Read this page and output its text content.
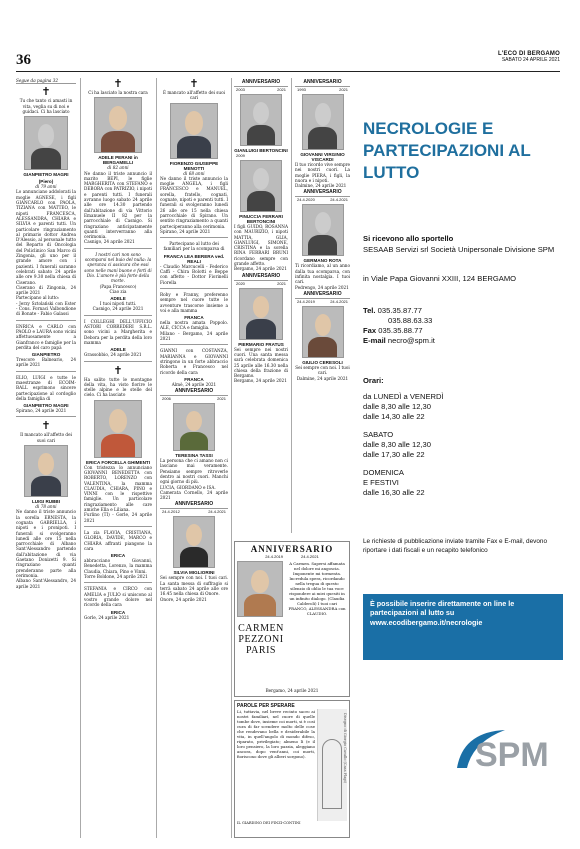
36	L'ECO DI BERGAMO
SABATO 24 APRILE 2021
Segue da pagina 32
✝
Tu che tanto ci amasti in vita, veglia su di noi e guidaci. Ci ha lasciato
GIANPIETRO MAGRI
(Piero)
di 79 anni
Lo annunciano addolorati la moglie AGNESE, i figli GIANCARLO con PAOLA, TIZIANA con MATTEO, le nipoti FRANCESCA, ALESSANDRA, CHIARA e SILVIA e parenti tutti. Un particolare ringraziamento al primario dottor Andrea D'Alessio, al personale tutto del Reparto di Oncologia del Policlinico San Marco di Zingonia, gli uno per il grande amore con i pazienti. I funerali saranno celebrati sabato 24 aprile alle ore 9.30 nella chiesa di Ciserano.
Ciserano di Zingonia, 24 aprile 2021
Partecipano al lutto:
- Jerzy Sztolański con Ester - Cons. Fornaci Valbondione di Bonate - Fabio Galassi
ENRICA e CARLO con PAOLO e LAURA sono vicini affettuosamente a Gianfranco e famiglie per la perdita del caro papà
GIANPIETRO
Trescore Balneario, 24 aprile 2021
ELIO, LUIGI e tutte le maestranze di ECOIM-BALL esprimono sincere partecipazione al cordoglio della famiglia di
GIANPIETRO MAGRI
Spirano, 24 aprile 2021
✝
Il mancato all'affetto dei suoi cari
LUIGI RUBBI
di 78 anni
Ne danno il triste annuncio la sorella ERNESTA, la cognata GABRIELLA, i nipoti e i pronipoti. I funerali si svolgeranno lunedì alle ore 15 nella parrocchiale di Albano Sant'Alessandro partendo dall'abitazione di via Gaetano Donizetti 9. Si ringraziano quanti prenderanno parte alla cerimonia.
Albano Sant'Alessandro, 24 aprile 2021
✝
Ci ha lasciato la nostra cara
ADELE PERANI in BERGAMELLI
di 82 anni
Ne danno il triste annuncio il marito BEPI, le figlie MARGHERITA con STEFANO e DEBORA con PATRIZIO, i nipoti e parenti tutti. I funerali avranno luogo sabato 24 aprile alle ore 14.30 partendo dall'abitazione di via Vittorio Emanuele II 82 per la parrocchiale di Casnigo. Si ringraziano anticipatamente quanti interverranno alla cerimonia.
Casnigo, 24 aprile 2021
I nostri cari non sono scomparsi nel buio del nulla: la speranza ci assicura che essi sono nelle mani buone e forti di Dio. L'amore è più forte della morte.
(Papa Francesco)
Ciao zia
ADELE
I tuoi nipoti tutti.
Casnigo, 24 aprile 2021
I COLLEGHI DELL'UFFICIO ASTORI CORREDERI S.R.L. sono vicini a Margherita e Debora per la perdita della loro mamma
ADELE
Grassobbio, 24 aprile 2021
✝
Ha salito tutte le montagne della vita, ha visto fiorire le stelle alpine e le stelle del cielo. Ci ha lasciato
ERICA FORCELLA GHIMENTI
Con tristezza lo annunciano GIOVANNI BENEDETTA con ROBERTO, LORENZO con VALENTINA, la mamma CLAUDIA, CHIARA, PINO e VINNI con le rispettive famiglie. Un particolare ringraziamento alle care amiche Ella e Liliana.
Furlino (TI) - Gorle, 24 aprile 2021
La zia FLAVIA, CRISTIANA, GLORIA, DAVIDE, MARCO e CHIARA affranti piangono la cara
ERICA
abbracciano Giovanni, Benedetta, Lorenzo, la mamma Claudia, Chiara, Pino e Vinni.
Torre Boldone, 24 aprile 2021
STEFANIA e CIRCO con AMELIA e JULIO si uniscono al vostro grande dolore nel ricordo della cara
ERICA
Gorle, 24 aprile 2021
✝
È mancato all'affetto dei suoi cari
FIORENZO GIUSEPPE MENOTTI
di 68 anni
Ne danno il triste annuncio la moglie ANGELA, i figli FRANCESCO e MANUEL, sorella, fratello, cognati, cognate, nipoti e parenti tutti. I funerali si svolgeranno lunedì 26 alle ore 15 nella chiesa parrocchiale di Spirano. Un sentito ringraziamento a quanti parteciperanno alla cerimonia.
Spirano, 24 aprile 2021
Partecipano al lutto dei familiari per la scomparsa di
FRANCA LEA BERERA ved. REALI
- Claudio Marcucelli - Federico Caffi - Chira Bolotti e Beppe con affetto - Dottor Fiorinelli Fiorella
Roby e Franny, preferenno sempre nel cuore tutte le avventure trascorse insieme a voi e alla mamma
FRANCA
nella nostra amata Poppolo. ALE, CICCA e famiglia.
Milano - Bergamo, 24 aprile 2021
GIANNI con COSTANZA, MARIANNA e GIOVANNI stringono in un forte abbraccio Roberta e Francesco nel ricordo della cara
FRANCA
Almè, 24 aprile 2021
ANNIVERSARIO
2006	2021
TERESINA TASSI
La persona che ci amano non ci lasciano mai veramente. Pensiamo sempre ritroverle dentro ai nostri cuori. Manchi ogni giorno di più.
LUCIA, GIORDANO e ISA.
Camerata Cornello, 24 aprile 2021
ANNIVERSARIO
24.4.2012	24.4.2021
SILVIA MIGLIORINI
Sei sempre con noi. I tuoi cari. La santa messa di suffragio si terrà sabato 24 aprile alle ore 16.45 nella chiesa di Onore.
Onore, 24 aprile 2021
ANNIVERSARIO
2003	2021
GIANLUIGI BERTONCINI
2009
PINUCCIA FERRARI BERTONCINI
I figli GUIDO, ROSANNA con MAURIZIO, i nipoti MATTIA, GLIA, GIANLUIGI, SIMONE, CRISTINA e la sorella RINA FERRARI BRUNI ricordano sempre con grande affetto.
Bergamo, 24 aprile 2021
ANNIVERSARIO
2020	2021
PIERMARIO FRATUS
Sei sempre nei nostri cuori. Una santa messa sarà celebrata domenica 25 aprile alle 16.30 nella chiesa della frazione di Bergamo.
Bergamo, 24 aprile 2021
ANNIVERSARIO
1993	2021
GIOVANNI VIRGINIO VISCARDI
Il tuo ricordo vive sempre nei nostri cuori. La moglie PIERA, i figli, la nuora e i nipoti.
Dalmine, 24 aprile 2021
ANNIVERSARIO
24.4.2020	24.4.2021
GERMANO ROTA
Ti ricordiamo, al un anno dalla tua scomparsa, con infinita nostalgia. I tuoi cari.
Pedrengo, 24 aprile 2021
ANNIVERSARIO
24.4.2019	24.4.2021
GIULIO CERESOLI
Sei sempre con noi. I tuoi cari.
Dalmine, 24 aprile 2021
ANNIVERSARIO
24.4.2019	24.4.2021
CARMEN PEZZONI PARIS
A Carmen. Sapersi affamata nel dolore mi angoscia. Imponente mi tormenta. Incredula spera, ricordando nella tregua di questo silenzio di oblio le tua voce rispondere ai miei quesiti in un infinito dialogo. (Claudia Calderoli) I tuoi cari FRANCO, ALESSANDRA con CLAUDIO.
Bergamo, 24 aprile 2021
PAROLE PER SPERARE
Li, tuttavia, nel breve recinto sacro ai nostri familiari, nel cuore di quelle tombe dove, insieme coi morti, si è così cura di far scendere molto delle cose che rendevano bella e desiderabile la vita, in quell'angolo di mondo difeso, riparato, privilegiato; almeno lì (e il loro pensiero, la loro pazzia, aleggiano ancora, dopo vent'anni, coi morti, fioriscono dove gli alberi sorgono).	Disegno di Giorgio Cavallo (Casa Flagi)
IL GIARDINO DEI FINZI-CONTINI
NECROLOGIE E PARTECIPAZIONI AL LUTTO
Si ricevono allo sportello
SESAAB Servizi srl Società Unipersonale Divisione SPM
in Viale Papa Giovanni XXIII, 124 BERGAMO
Tel. 035.35.87.77
035.88.63.33
Fax 035.35.88.77
E-mail necro@spm.it
Orari:
da LUNEDÌ a VENERDÌ
dalle 8,30 alle 12,30
dalle 14,30 alle 22
SABATO
dalle 8,30 alle 12,30
dalle 17,30 alle 22
DOMENICA
E FESTIVI
dalle 16,30 alle 22
Le richieste di pubblicazione inviate tramite Fax e E-mail, devono riportare i dati fiscali e un recapito telefonico
È possibile inserire direttamente on line le partecipazioni al lutto su
www.ecodibergamo.it/necrologie
SPM
